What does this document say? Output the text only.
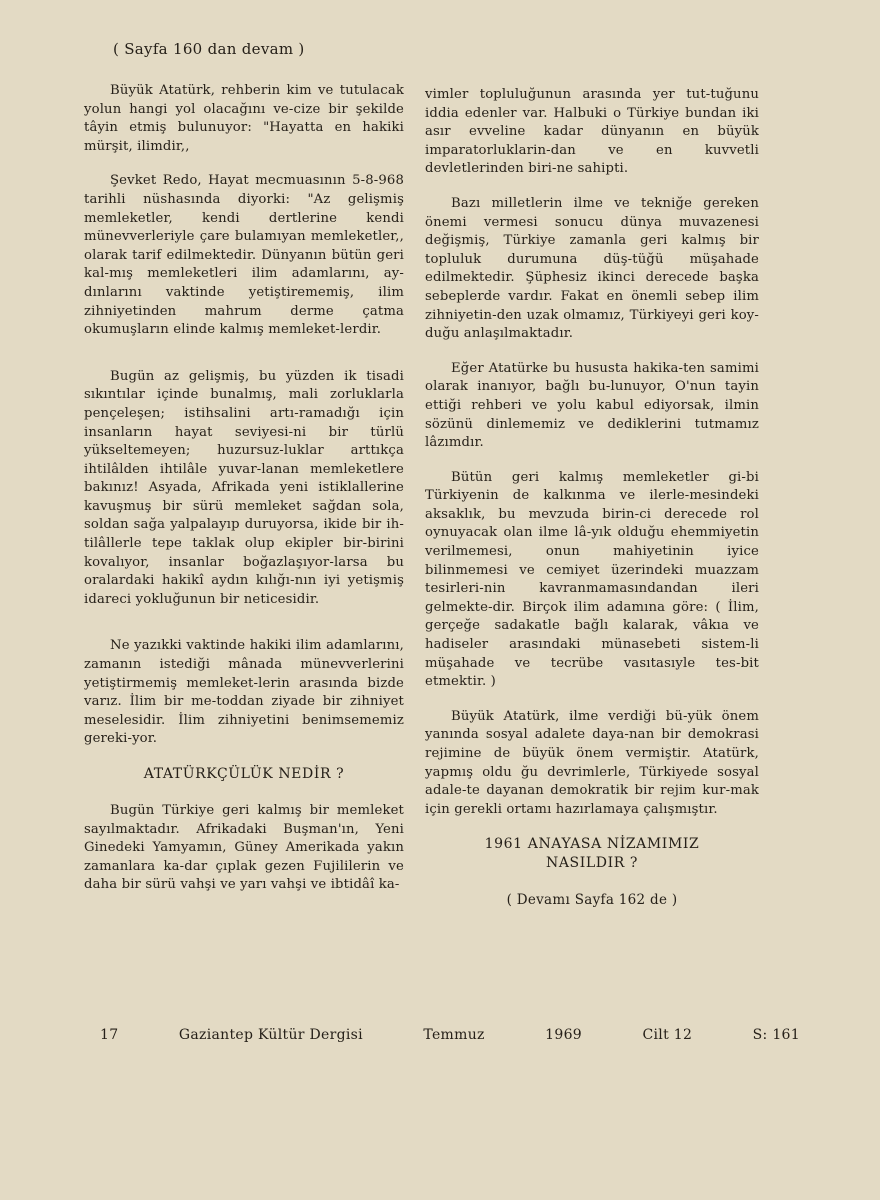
( Sayfa 160 dan devam )

Büyük Atatürk, rehberin kim ve tutulacak yolun hangi yol olacağını ve-cize bir şekilde tâyin etmiş bulunuyor: "Hayatta en hakiki mürşit, ilimdir,,

Şevket Redo, Hayat mecmuasının 5-8-968 tarihli nüshasında diyorki: "Az gelişmiş memleketler, kendi dertlerine kendi münevverleriyle çare bulamıyan memleketler,, olarak tarif edilmektedir. Dünyanın bütün geri kal-mış memleketleri ilim adamlarını, ay-dınlarını vaktinde yetiştirememiş, ilim zihniyetinden mahrum derme çatma okumuşların elinde kalmış memleket-lerdir.

Bugün az gelişmiş, bu yüzden ik tisadi sıkıntılar içinde bunalmış, mali zorluklarla pençeleşen; istihsalini artı-ramadığı için insanların hayat seviyesi-ni bir türlü yükseltemeyen; huzursuz-luklar arttıkça ihtilâlden ihtilâle yuvar-lanan memleketlere bakınız! Asyada, Afrikada yeni istiklallerine kavuşmuş bir sürü memleket sağdan sola, soldan sağa yalpalayıp duruyorsa, ikide bir ih-tilâllerle tepe taklak olup ekipler bir-birini kovalıyor, insanlar boğazlaşıyor-larsa bu oralardaki hakikî aydın kılığı-nın iyi yetişmiş idareci yokluğunun bir neticesidir.

Ne yazıkki vaktinde hakiki ilim adamlarını, zamanın istediği mânada münevverlerini yetiştirmemiş memleket-lerin arasında bizde varız. İlim bir me-toddan ziyade bir zihniyet meselesidir. İlim zihniyetini benimsememiz gereki-yor.

ATATÜRKÇÜLÜK NEDİR ?

Bugün Türkiye geri kalmış bir memleket sayılmaktadır. Afrikadaki Buşman'ın, Yeni Ginedeki Yamyamın, Güney Amerikada yakın zamanlara ka-dar çıplak gezen Fujililerin ve daha bir sürü vahşi ve yarı vahşi ve ibtidâî ka-

vimler topluluğunun arasında yer tut-tuğunu iddia edenler var. Halbuki o Türkiye bundan iki asır evveline kadar dünyanın en büyük imparatorluklarin-dan ve en kuvvetli devletlerinden biri-ne sahipti.

Bazı milletlerin ilme ve tekniğe gereken önemi vermesi sonucu dünya muvazenesi değişmiş, Türkiye zamanla geri kalmış bir topluluk durumuna düş-tüğü müşahade edilmektedir. Şüphesiz ikinci derecede başka sebeplerde vardır. Fakat en önemli sebep ilim zihniyetin-den uzak olmamız, Türkiyeyi geri koy-duğu anlaşılmaktadır.

Eğer Atatürke bu hususta hakika-ten samimi olarak inanıyor, bağlı bu-lunuyor, O'nun tayin ettiği rehberi ve yolu kabul ediyorsak, ilmin sözünü dinlememiz ve dediklerini tutmamız lâzımdır.

Bütün geri kalmış memleketler gi-bi Türkiyenin de kalkınma ve ilerle-mesindeki aksaklık, bu mevzuda birin-ci derecede rol oynuyacak olan ilme lâ-yık olduğu ehemmiyetin verilmemesi, onun mahiyetinin iyice bilinmemesi ve cemiyet üzerindeki muazzam tesirleri-nin kavranmamasındandan ileri gelmekte-dir. Birçok ilim adamına göre: ( İlim, gerçeğe sadakatle bağlı kalarak, vâkıa ve hadiseler arasındaki münasebeti sistem-li müşahade ve tecrübe vasıtasıyle tes-bit etmektir. )

Büyük Atatürk, ilme verdiği bü-yük önem yanında sosyal adalete daya-nan bir demokrasi rejimine de büyük önem vermiştir. Atatürk, yapmış oldu ğu devrimlerle, Türkiyede sosyal adale-te dayanan demokratik bir rejim kur-mak için gerekli ortamı hazırlamaya çalışmıştır.

1961 ANAYASA NİZAMIMIZ
NASILDIR ?
( Devamı Sayfa 162 de )
17	Gaziantep Kültür Dergisi	Temmuz	1969	Cilt 12	S: 161
